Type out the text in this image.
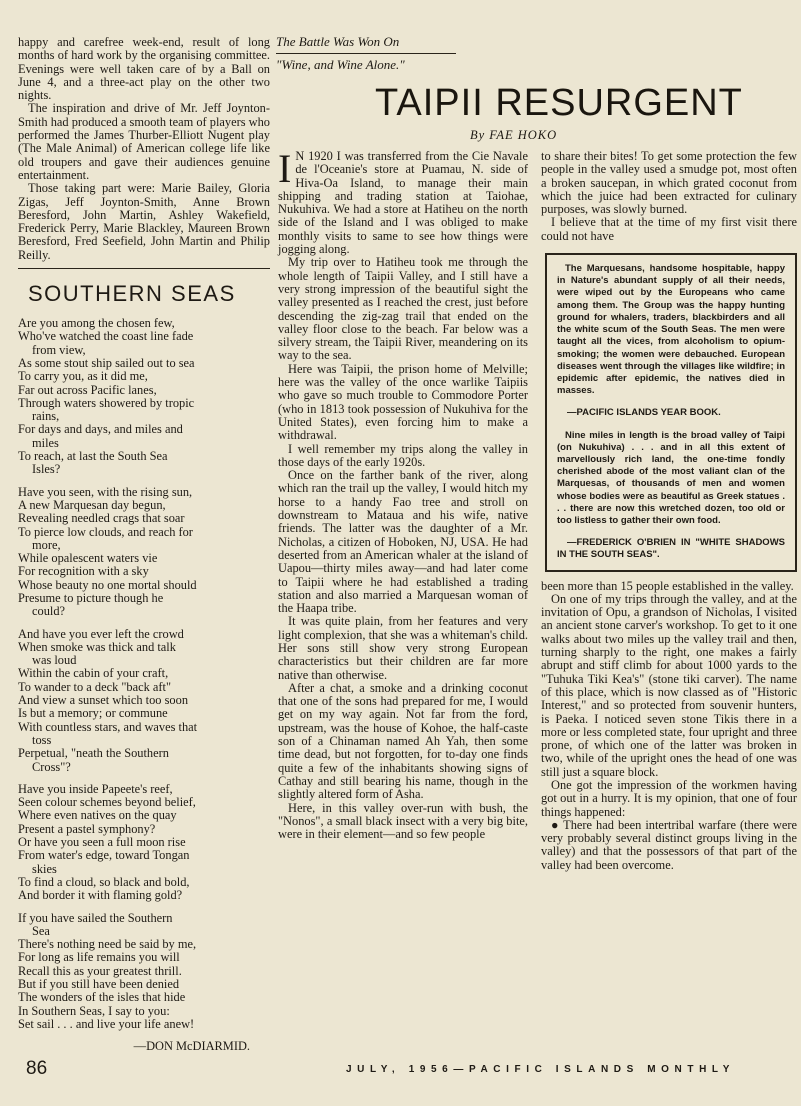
happy and carefree week-end, result of long months of hard work by the organising committee. Evenings were well taken care of by a Ball on June 4, and a three-act play on the other two nights.

The inspiration and drive of Mr. Jeff Joynton-Smith had produced a smooth team of players who performed the James Thurber-Elliott Nugent play (The Male Animal) of American college life like old troupers and gave their audiences genuine entertainment.

Those taking part were: Marie Bailey, Gloria Zigas, Jeff Joynton-Smith, Anne Brown Beresford, John Martin, Ashley Wakefield, Frederick Perry, Marie Blackley, Maureen Brown Beresford, Fred Seefield, John Martin and Philip Reilly.

SOUTHERN SEAS
Are you among the chosen few,
Who've watched the coast line fade
from view,
As some stout ship sailed out to sea
To carry you, as it did me,
Far out across Pacific lanes,
Through waters showered by tropic
rains,
For days and days, and miles and
miles
To reach, at last the South Sea
Isles?
Have you seen, with the rising sun,
A new Marquesan day begun,
Revealing needled crags that soar
To pierce low clouds, and reach for
more,
While opalescent waters vie
For recognition with a sky
Whose beauty no one mortal should
Presume to picture though he
could?
And have you ever left the crowd
When smoke was thick and talk
was loud
Within the cabin of your craft,
To wander to a deck "back aft"
And view a sunset which too soon
Is but a memory; or commune
With countless stars, and waves that
toss
Perpetual, "neath the Southern
Cross"?
Have you inside Papeete's reef,
Seen colour schemes beyond belief,
Where even natives on the quay
Present a pastel symphony?
Or have you seen a full moon rise
From water's edge, toward Tongan
skies
To find a cloud, so black and bold,
And border it with flaming gold?
If you have sailed the Southern
Sea
There's nothing need be said by me,
For long as life remains you will
Recall this as your greatest thrill.
But if you still have been denied
The wonders of the isles that hide
In Southern Seas, I say to you:
Set sail . . . and live your life anew!
—DON McDIARMID.
The Battle Was Won On
"Wine, and Wine Alone."
TAIPII RESURGENT
By FAE HOKO

I N 1920 I was transferred from the Cie Navale de l'Oceanie's store at Puamau, N. side of Hiva-Oa Island, to manage their main shipping and trading station at Taiohae, Nukuhiva. We had a store at Hatiheu on the north side of the Island and I was obliged to make monthly visits to same to see how things were jogging along.

My trip over to Hatiheu took me through the whole length of Taipii Valley, and I still have a very strong impression of the beautiful sight the valley presented as I reached the crest, just before descending the zig-zag trail that ended on the valley floor close to the beach. Far below was a silvery stream, the Taipii River, meandering on its way to the sea.

Here was Taipii, the prison home of Melville; here was the valley of the once warlike Taipiis who gave so much trouble to Commodore Porter (who in 1813 took possession of Nukuhiva for the United States), even forcing him to make a withdrawal.

I well remember my trips along the valley in those days of the early 1920s.

Once on the farther bank of the river, along which ran the trail up the valley, I would hitch my horse to a handy Fao tree and stroll on downstream to Mataua and his wife, native friends. The latter was the daughter of a Mr. Nicholas, a citizen of Hoboken, NJ, USA. He had deserted from an American whaler at the island of Uapou—thirty miles away—and had later come to Taipii where he had established a trading station and also married a Marquesan woman of the Haapa tribe.

It was quite plain, from her features and very light complexion, that she was a whiteman's child. Her sons still show very strong European characteristics but their children are far more native than otherwise.

After a chat, a smoke and a drinking coconut that one of the sons had prepared for me, I would get on my way again. Not far from the ford, upstream, was the house of Kohoe, the half-caste son of a Chinaman named Ah Yah, then some time dead, but not forgotten, for to-day one finds quite a few of the inhabitants showing signs of Cathay and still bearing his name, though in the slightly altered form of Asha.

Here, in this valley over-run with bush, the "Nonos", a small black insect with a very big bite, were in their element—and so few people

to share their bites! To get some protection the few people in the valley used a smudge pot, most often a broken saucepan, in which grated coconut from which the juice had been extracted for culinary purposes, was slowly burned.

I believe that at the time of my first visit there could not have

The Marquesans, handsome hospitable, happy in Nature's abundant supply of all their needs, were wiped out by the Europeans who came among them. The Group was the happy hunting ground for whalers, traders, blackbirders and all the white scum of the South Seas. The men were taught all the vices, from alcoholism to opium-smoking; the women were debauched. European diseases went through the villages like wildfire; in epidemic after epidemic, the natives died in masses.

—PACIFIC ISLANDS YEAR BOOK.

Nine miles in length is the broad valley of Taipi (on Nukuhiva) . . . and in all this extent of marvellously rich land, the one-time fondly cherished abode of the most valiant clan of the Marquesas, of thousands of men and women whose bodies were as beautiful as Greek statues . . . there are now this wretched dozen, too old or too listless to gather their own food.

—FREDERICK O'BRIEN IN "WHITE SHADOWS IN THE SOUTH SEAS".

been more than 15 people established in the valley.

On one of my trips through the valley, and at the invitation of Opu, a grandson of Nicholas, I visited an ancient stone carver's workshop. To get to it one walks about two miles up the valley trail and then, turning sharply to the right, one makes a fairly abrupt and stiff climb for about 1000 yards to the "Tuhuka Tiki Kea's" (stone tiki carver). The name of this place, which is now classed as of "Historic Interest," and so protected from souvenir hunters, is Paeka. I noticed seven stone Tikis there in a more or less completed state, four upright and three prone, of which one of the latter was broken in two, while of the upright ones the head of one was still just a square block.

One got the impression of the workmen having got out in a hurry. It is my opinion, that one of four things happened:

● There had been intertribal warfare (there were very probably several distinct groups living in the valley) and that the possessors of that part of the valley had been overcome.

86	JULY, 1956—PACIFIC ISLANDS MONTHLY
